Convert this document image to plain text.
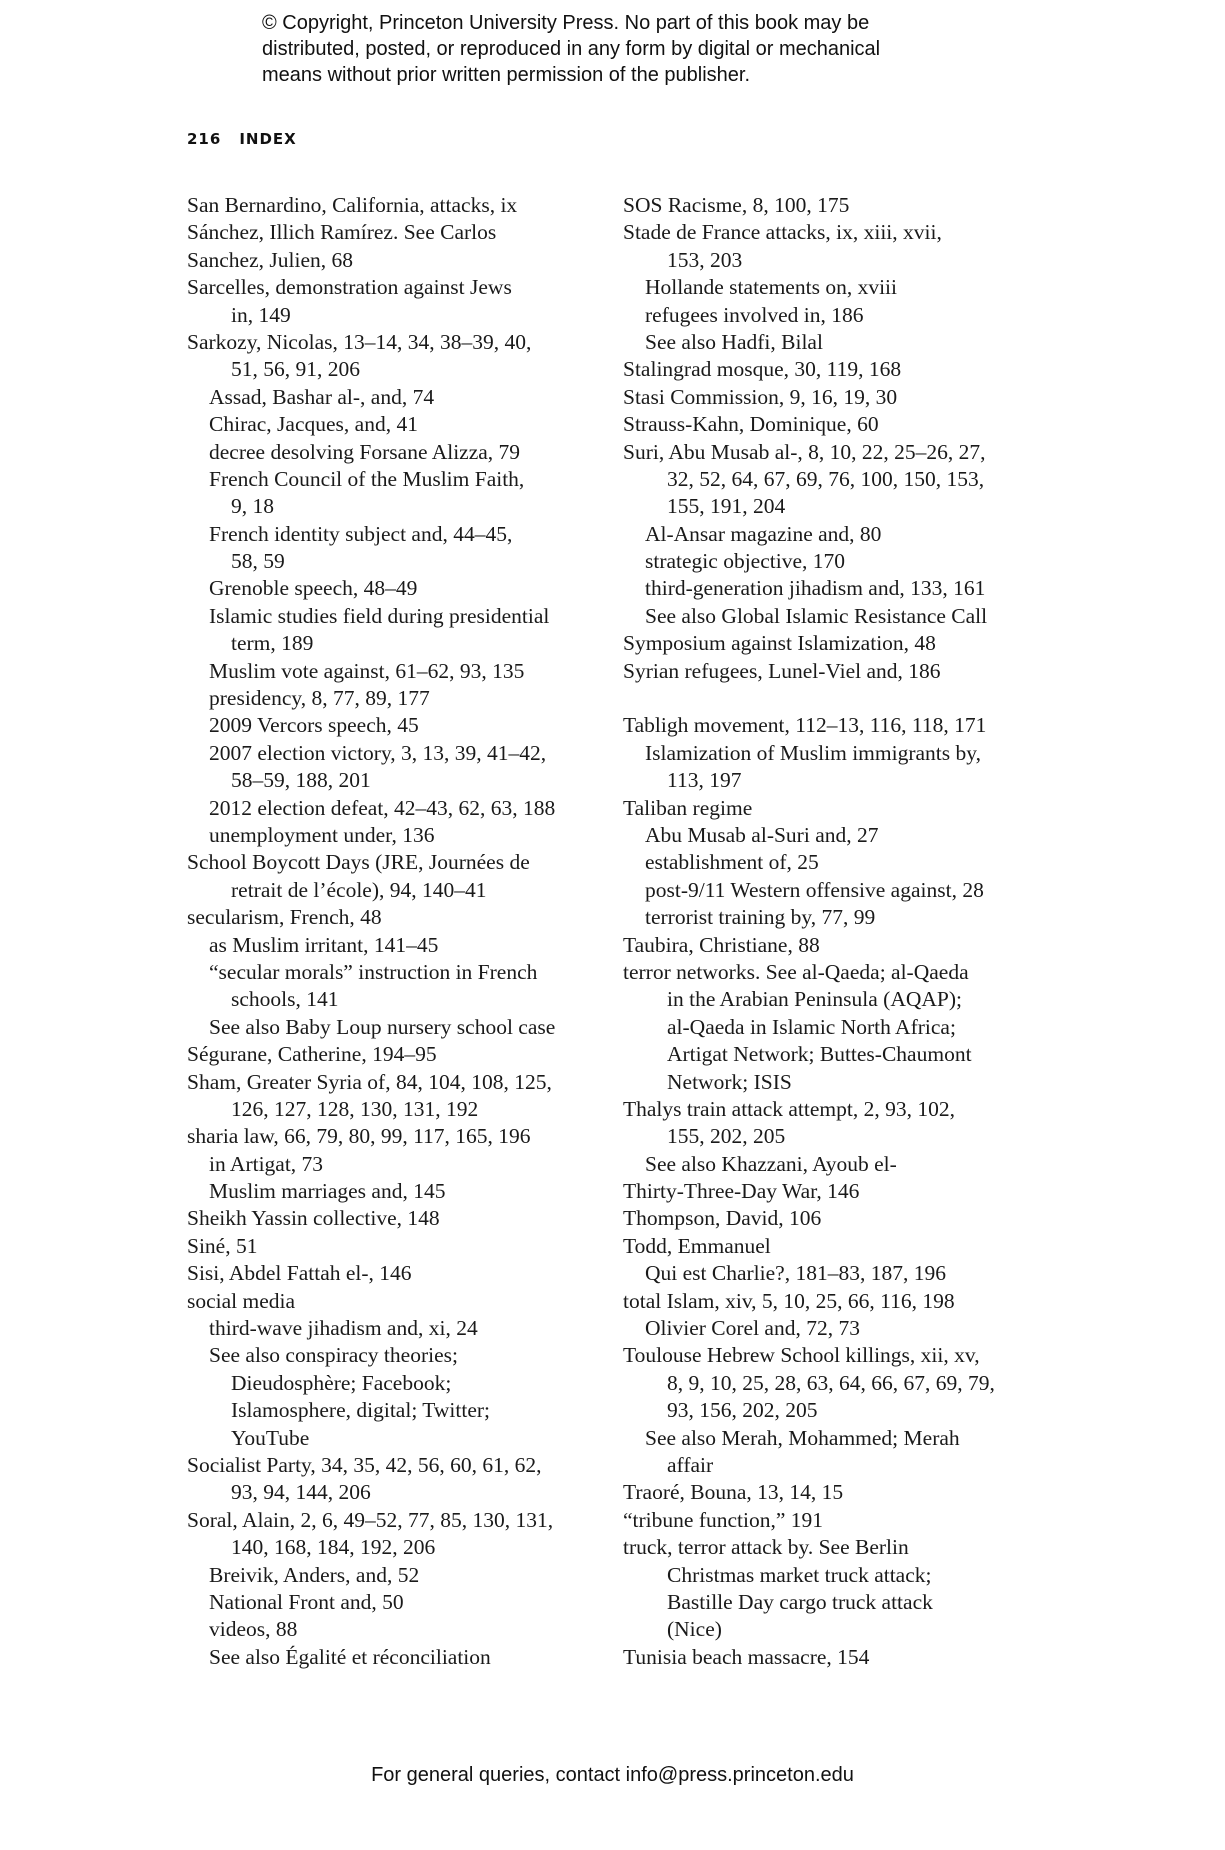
© Copyright, Princeton University Press. No part of this book may be
distributed, posted, or reproduced in any form by digital or mechanical
means without prior written permission of the publisher.
216 INDEX
San Bernardino, California, attacks, ix
Sánchez, Illich Ramírez. See Carlos
Sanchez, Julien, 68
Sarcelles, demonstration against Jews
in, 149
Sarkozy, Nicolas, 13–14, 34, 38–39, 40,
51, 56, 91, 206
Assad, Bashar al-, and, 74
Chirac, Jacques, and, 41
decree desolving Forsane Alizza, 79
French Council of the Muslim Faith,
9, 18
French identity subject and, 44–45,
58, 59
Grenoble speech, 48–49
Islamic studies field during presidential
term, 189
Muslim vote against, 61–62, 93, 135
presidency, 8, 77, 89, 177
2009 Vercors speech, 45
2007 election victory, 3, 13, 39, 41–42,
58–59, 188, 201
2012 election defeat, 42–43, 62, 63, 188
unemployment under, 136
School Boycott Days (JRE, Journées de
retrait de l’école), 94, 140–41
secularism, French, 48
as Muslim irritant, 141–45
“secular morals” instruction in French
schools, 141
See also Baby Loup nursery school case
Ségurane, Catherine, 194–95
Sham, Greater Syria of, 84, 104, 108, 125,
126, 127, 128, 130, 131, 192
sharia law, 66, 79, 80, 99, 117, 165, 196
in Artigat, 73
Muslim marriages and, 145
Sheikh Yassin collective, 148
Siné, 51
Sisi, Abdel Fattah el-, 146
social media
third-wave jihadism and, xi, 24
See also conspiracy theories;
Dieudosphère; Facebook;
Islamosphere, digital; Twitter;
YouTube
Socialist Party, 34, 35, 42, 56, 60, 61, 62,
93, 94, 144, 206
Soral, Alain, 2, 6, 49–52, 77, 85, 130, 131,
140, 168, 184, 192, 206
Breivik, Anders, and, 52
National Front and, 50
videos, 88
See also Égalité et réconciliation
SOS Racisme, 8, 100, 175
Stade de France attacks, ix, xiii, xvii,
153, 203
Hollande statements on, xviii
refugees involved in, 186
See also Hadfi, Bilal
Stalingrad mosque, 30, 119, 168
Stasi Commission, 9, 16, 19, 30
Strauss-Kahn, Dominique, 60
Suri, Abu Musab al-, 8, 10, 22, 25–26, 27,
32, 52, 64, 67, 69, 76, 100, 150, 153,
155, 191, 204
Al-Ansar magazine and, 80
strategic objective, 170
third-generation jihadism and, 133, 161
See also Global Islamic Resistance Call
Symposium against Islamization, 48
Syrian refugees, Lunel-Viel and, 186
Tabligh movement, 112–13, 116, 118, 171
Islamization of Muslim immigrants by,
113, 197
Taliban regime
Abu Musab al-Suri and, 27
establishment of, 25
post-9/11 Western offensive against, 28
terrorist training by, 77, 99
Taubira, Christiane, 88
terror networks. See al-Qaeda; al-Qaeda
in the Arabian Peninsula (AQAP);
al-Qaeda in Islamic North Africa;
Artigat Network; Buttes-Chaumont
Network; ISIS
Thalys train attack attempt, 2, 93, 102,
155, 202, 205
See also Khazzani, Ayoub el-
Thirty-Three-Day War, 146
Thompson, David, 106
Todd, Emmanuel
Qui est Charlie?, 181–83, 187, 196
total Islam, xiv, 5, 10, 25, 66, 116, 198
Olivier Corel and, 72, 73
Toulouse Hebrew School killings, xii, xv,
8, 9, 10, 25, 28, 63, 64, 66, 67, 69, 79,
93, 156, 202, 205
See also Merah, Mohammed; Merah
affair
Traoré, Bouna, 13, 14, 15
“tribune function,” 191
truck, terror attack by. See Berlin
Christmas market truck attack;
Bastille Day cargo truck attack
(Nice)
Tunisia beach massacre, 154
For general queries, contact info@press.princeton.edu
